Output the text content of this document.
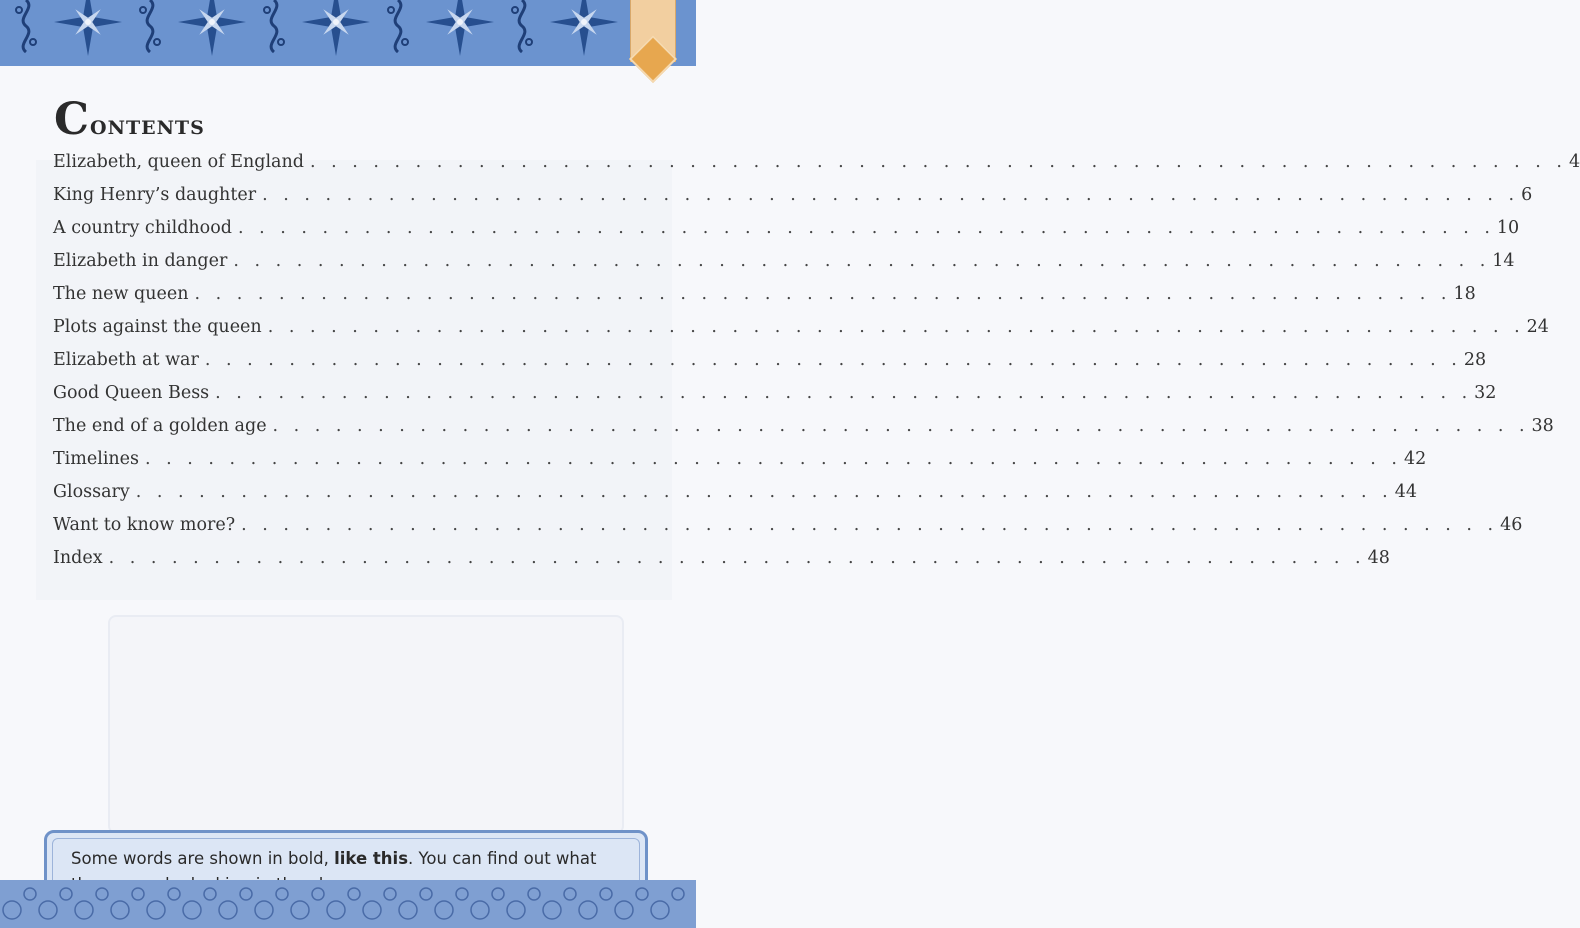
Contents
Elizabeth, queen of England . . . . . . . . . . . . . . . . . . . . . . . . . . . . . . . . . . . . . . . . . . . . . . . . . . . . . . . . . . . . 4
King Henry’s daughter . . . . . . . . . . . . . . . . . . . . . . . . . . . . . . . . . . . . . . . . . . . . . . . . . . . . . . . . . . . . 6
A country childhood . . . . . . . . . . . . . . . . . . . . . . . . . . . . . . . . . . . . . . . . . . . . . . . . . . . . . . . . . . . . 10
Elizabeth in danger . . . . . . . . . . . . . . . . . . . . . . . . . . . . . . . . . . . . . . . . . . . . . . . . . . . . . . . . . . . . 14
The new queen . . . . . . . . . . . . . . . . . . . . . . . . . . . . . . . . . . . . . . . . . . . . . . . . . . . . . . . . . . . . 18
Plots against the queen . . . . . . . . . . . . . . . . . . . . . . . . . . . . . . . . . . . . . . . . . . . . . . . . . . . . . . . . . . . . 24
Elizabeth at war . . . . . . . . . . . . . . . . . . . . . . . . . . . . . . . . . . . . . . . . . . . . . . . . . . . . . . . . . . . . 28
Good Queen Bess . . . . . . . . . . . . . . . . . . . . . . . . . . . . . . . . . . . . . . . . . . . . . . . . . . . . . . . . . . . . 32
The end of a golden age . . . . . . . . . . . . . . . . . . . . . . . . . . . . . . . . . . . . . . . . . . . . . . . . . . . . . . . . . . . . 38
Timelines . . . . . . . . . . . . . . . . . . . . . . . . . . . . . . . . . . . . . . . . . . . . . . . . . . . . . . . . . . . . 42
Glossary . . . . . . . . . . . . . . . . . . . . . . . . . . . . . . . . . . . . . . . . . . . . . . . . . . . . . . . . . . . . 44
Want to know more? . . . . . . . . . . . . . . . . . . . . . . . . . . . . . . . . . . . . . . . . . . . . . . . . . . . . . . . . . . . . 46
Index . . . . . . . . . . . . . . . . . . . . . . . . . . . . . . . . . . . . . . . . . . . . . . . . . . . . . . . . . . . . 48

Some words are shown in bold, like this. You can find out what
